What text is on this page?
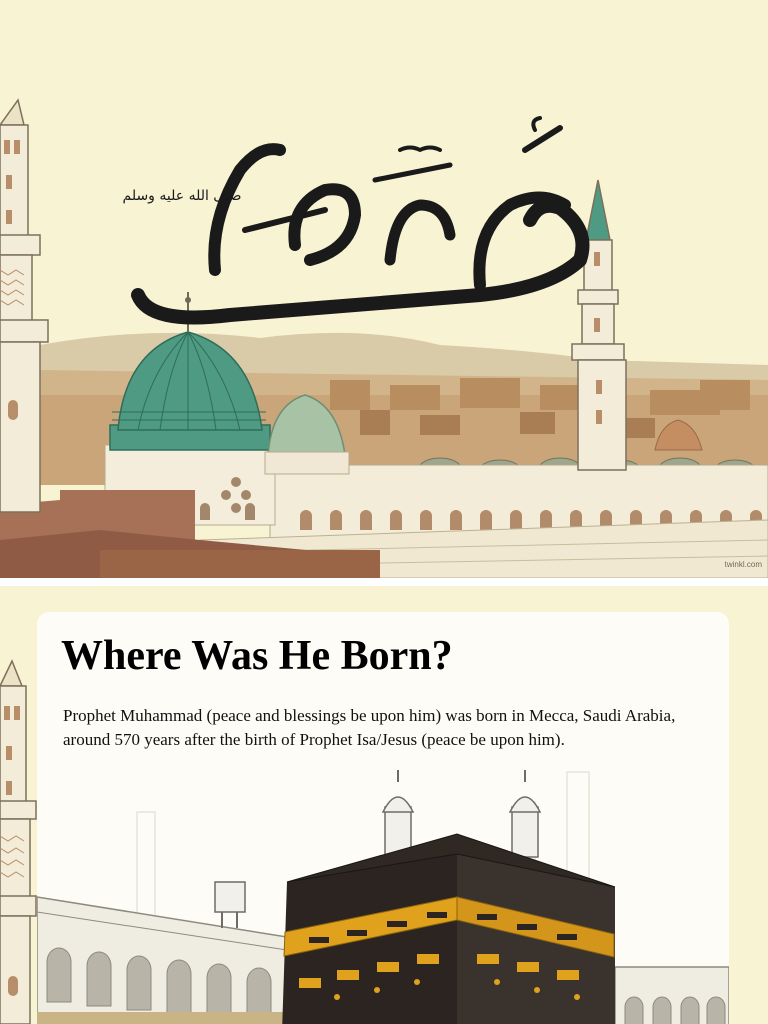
صلى الله عليه وسلم
twinkl.com
Where Was He Born?

Prophet Muhammad (peace and blessings be upon him) was born in Mecca, Saudi Arabia, around 570 years after the birth of Prophet Isa/Jesus (peace be upon him).
